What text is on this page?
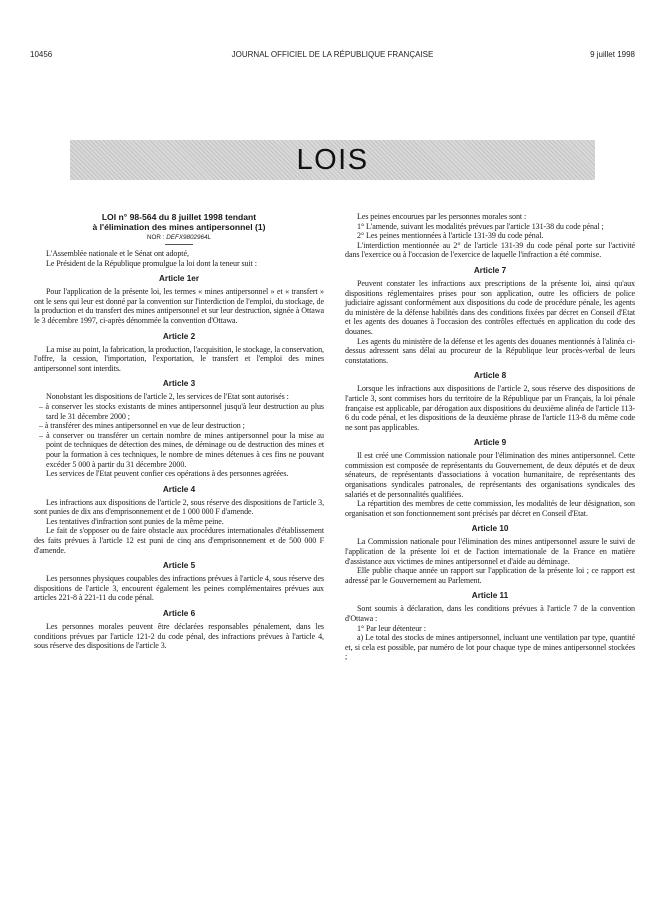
10456	JOURNAL OFFICIEL DE LA RÉPUBLIQUE FRANÇAISE	9 juillet 1998
LOIS

LOI n° 98-564 du 8 juillet 1998 tendant

à l'élimination des mines antipersonnel (1)

NOR : DEFX9802964L

L'Assemblée nationale et le Sénat ont adopté,

Le Président de la République promulgue la loi dont la teneur suit :

Article 1er

Pour l'application de la présente loi, les termes « mines antipersonnel » et « transfert » ont le sens qui leur est donné par la convention sur l'interdiction de l'emploi, du stockage, de la production et du transfert des mines antipersonnel et sur leur destruction, signée à Ottawa le 3 décembre 1997, ci-après dénommée la convention d'Ottawa.

Article 2

La mise au point, la fabrication, la production, l'acquisition, le stockage, la conservation, l'offre, la cession, l'importation, l'exportation, le transfert et l'emploi des mines antipersonnel sont interdits.

Article 3

Nonobstant les dispositions de l'article 2, les services de l'Etat sont autorisés :

– à conserver les stocks existants de mines antipersonnel jusqu'à leur destruction au plus tard le 31 décembre 2000 ;

– à transférer des mines antipersonnel en vue de leur destruction ;

– à conserver ou transférer un certain nombre de mines antipersonnel pour la mise au point de techniques de détection des mines, de déminage ou de destruction des mines et pour la formation à ces techniques, le nombre de mines détenues à ces fins ne pouvant excéder 5 000 à partir du 31 décembre 2000.

Les services de l'Etat peuvent confier ces opérations à des personnes agréées.

Article 4

Les infractions aux dispositions de l'article 2, sous réserve des dispositions de l'article 3, sont punies de dix ans d'emprisonnement et de 1 000 000 F d'amende.

Les tentatives d'infraction sont punies de la même peine.

Le fait de s'opposer ou de faire obstacle aux procédures internationales d'établissement des faits prévues à l'article 12 est puni de cinq ans d'emprisonnement et de 500 000 F d'amende.

Article 5

Les personnes physiques coupables des infractions prévues à l'article 4, sous réserve des dispositions de l'article 3, encourent également les peines complémentaires prévues aux articles 221-8 à 221-11 du code pénal.

Article 6

Les personnes morales peuvent être déclarées responsables pénalement, dans les conditions prévues par l'article 121-2 du code pénal, des infractions prévues à l'article 4, sous réserve des dispositions de l'article 3.

Les peines encourues par les personnes morales sont :

1° L'amende, suivant les modalités prévues par l'article 131-38 du code pénal ;

2° Les peines mentionnées à l'article 131-39 du code pénal.

L'interdiction mentionnée au 2° de l'article 131-39 du code pénal porte sur l'activité dans l'exercice ou à l'occasion de l'exercice de laquelle l'infraction a été commise.

Article 7

Peuvent constater les infractions aux prescriptions de la présente loi, ainsi qu'aux dispositions réglementaires prises pour son application, outre les officiers de police judiciaire agissant conformément aux dispositions du code de procédure pénale, les agents du ministère de la défense habilités dans des conditions fixées par décret en Conseil d'Etat et les agents des douanes à l'occasion des contrôles effectués en application du code des douanes.

Les agents du ministère de la défense et les agents des douanes mentionnés à l'alinéa ci-dessus adressent sans délai au procureur de la République leur procès-verbal de leurs constatations.

Article 8

Lorsque les infractions aux dispositions de l'article 2, sous réserve des dispositions de l'article 3, sont commises hors du territoire de la République par un Français, la loi pénale française est applicable, par dérogation aux dispositions du deuxième alinéa de l'article 113-6 du code pénal, et les dispositions de la deuxième phrase de l'article 113-8 du même code ne sont pas applicables.

Article 9

Il est créé une Commission nationale pour l'élimination des mines antipersonnel. Cette commission est composée de représentants du Gouvernement, de deux députés et de deux sénateurs, de représentants d'associations à vocation humanitaire, de représentants des organisations syndicales patronales, de représentants des organisations syndicales des salariés et de personnalités qualifiées.

La répartition des membres de cette commission, les modalités de leur désignation, son organisation et son fonctionnement sont précisés par décret en Conseil d'Etat.

Article 10

La Commission nationale pour l'élimination des mines antipersonnel assure le suivi de l'application de la présente loi et de l'action internationale de la France en matière d'assistance aux victimes de mines antipersonnel et d'aide au déminage.

Elle publie chaque année un rapport sur l'application de la présente loi ; ce rapport est adressé par le Gouvernement au Parlement.

Article 11

Sont soumis à déclaration, dans les conditions prévues à l'article 7 de la convention d'Ottawa :

1° Par leur détenteur :

a) Le total des stocks de mines antipersonnel, incluant une ventilation par type, quantité et, si cela est possible, par numéro de lot pour chaque type de mines antipersonnel stockées ;
